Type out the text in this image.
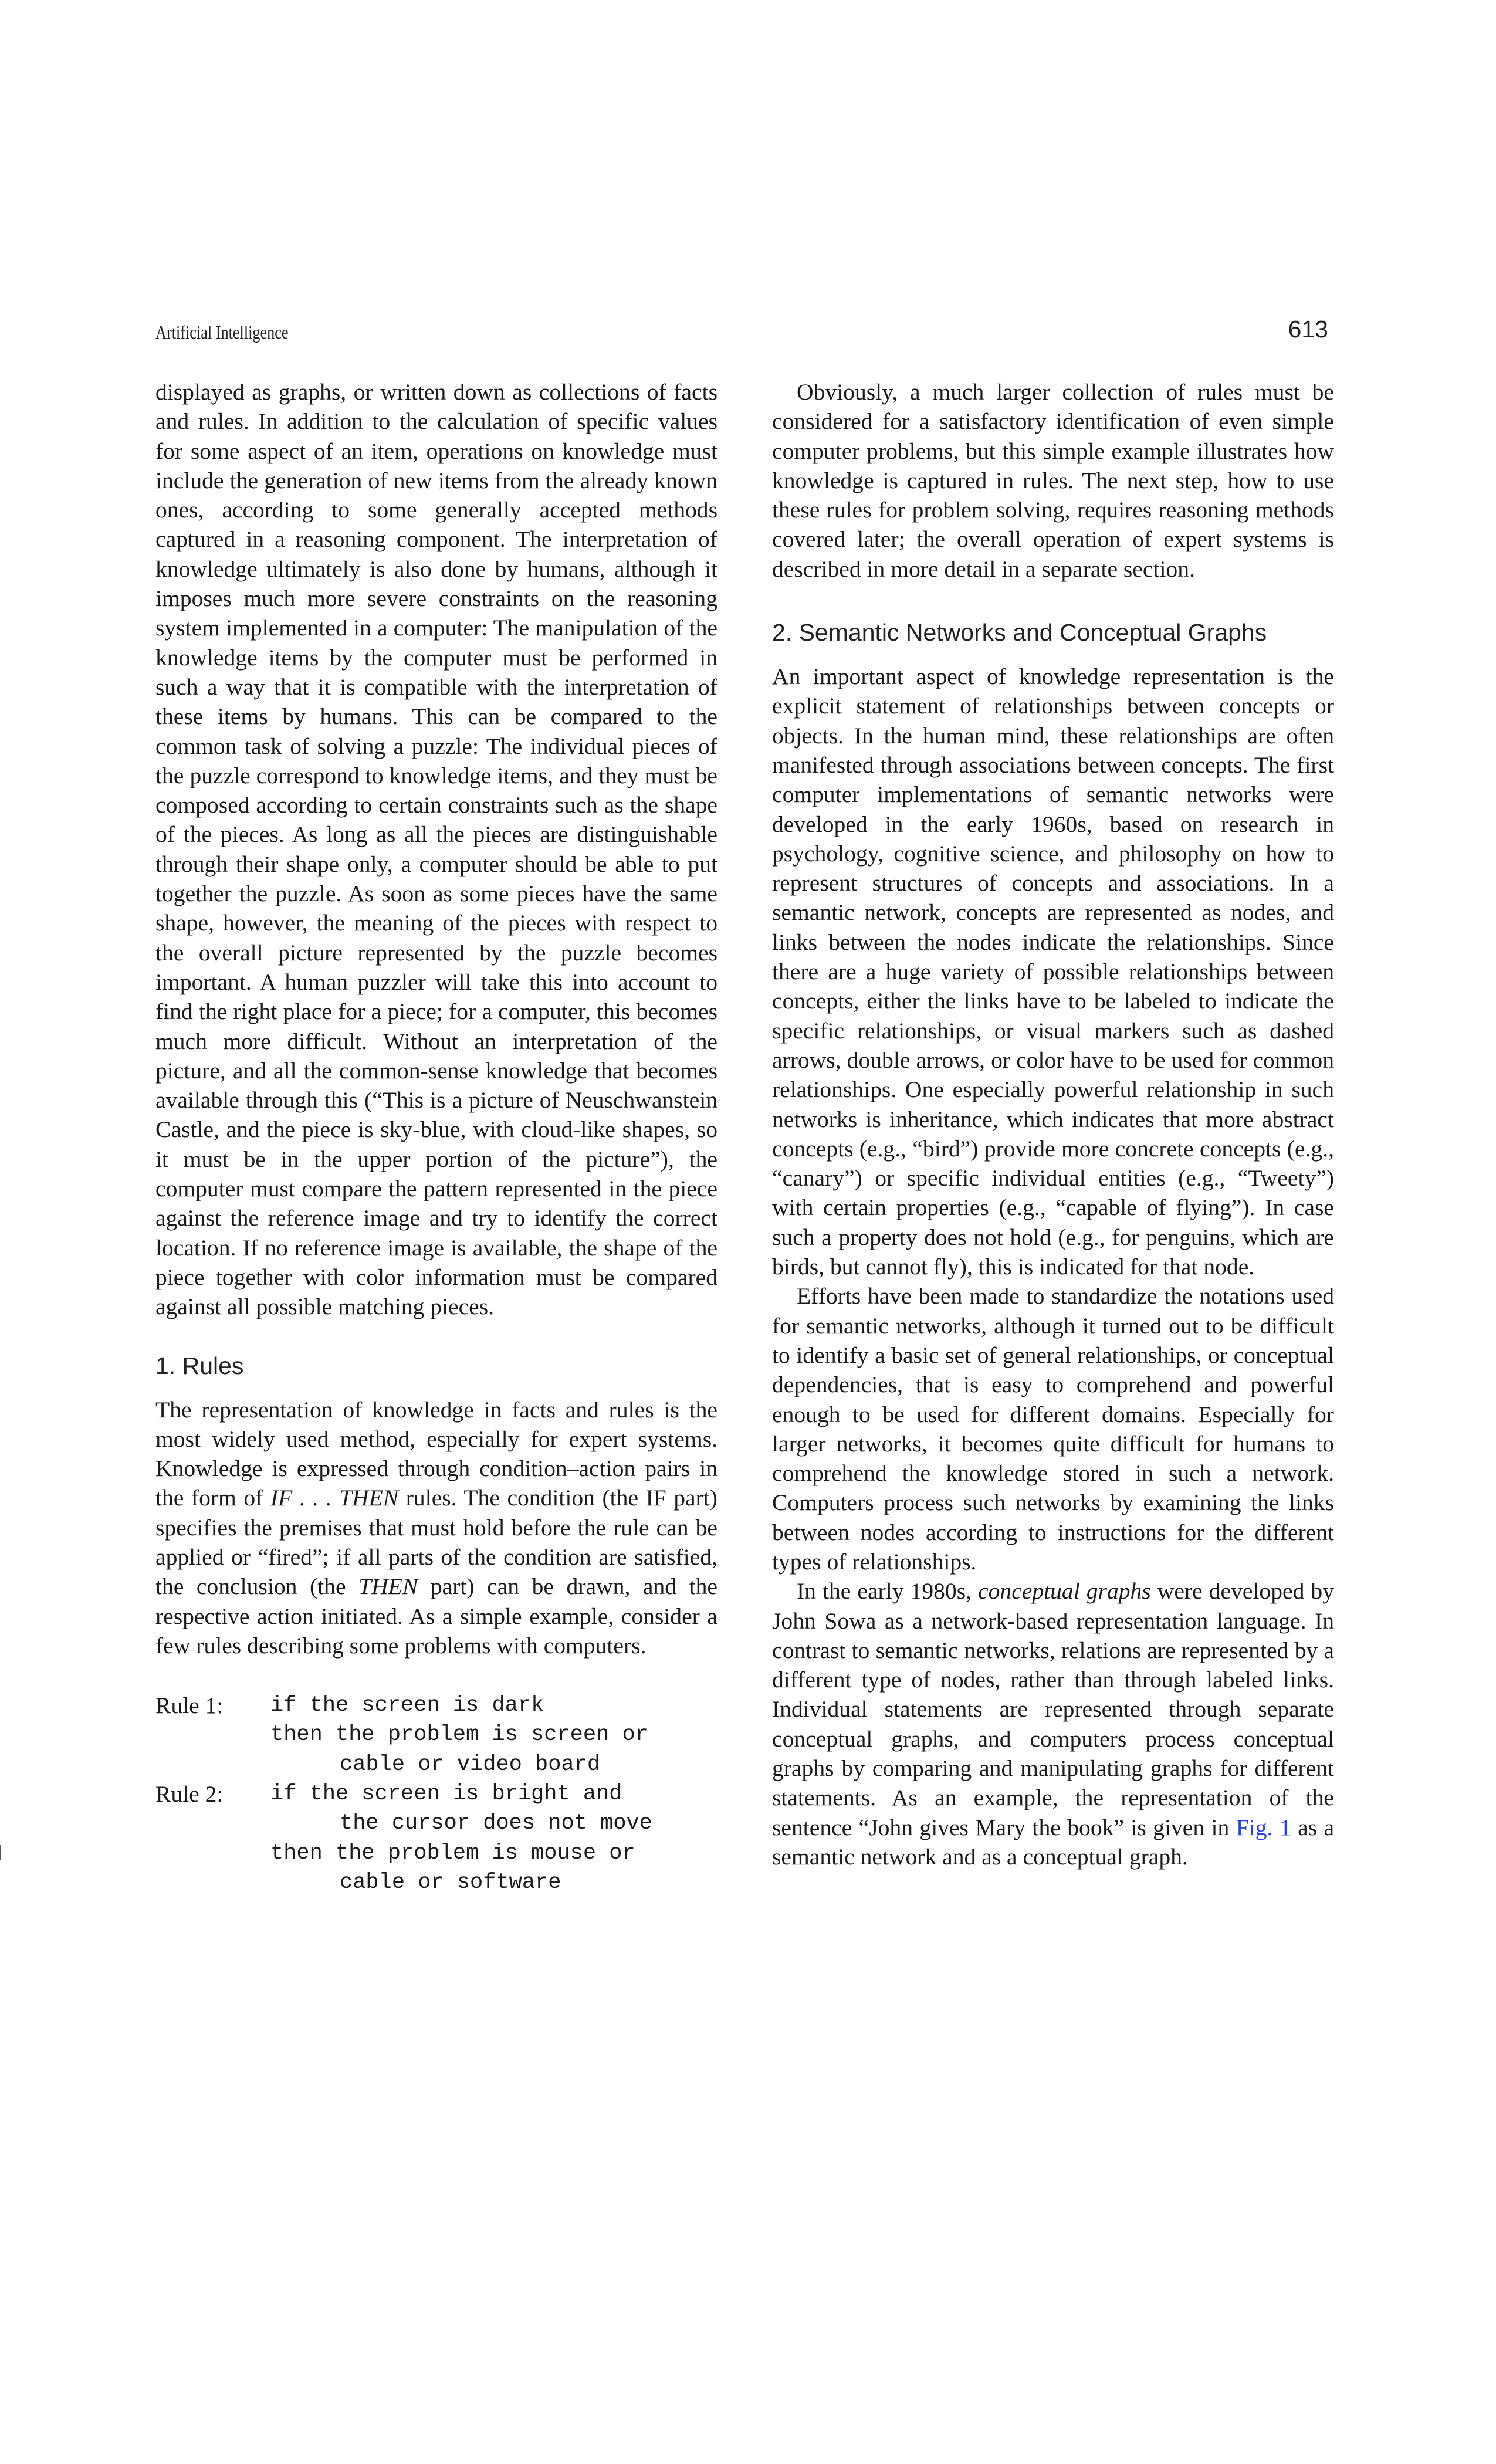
Artificial Intelligence	613

displayed as graphs, or written down as collections of facts and rules. In addition to the calculation of specific values for some aspect of an item, operations on knowledge must include the generation of new items from the already known ones, according to some generally accepted methods captured in a reasoning component. The interpretation of knowledge ultimately is also done by humans, although it imposes much more severe constraints on the reasoning system implemented in a computer: The manipulation of the knowledge items by the computer must be performed in such a way that it is compatible with the interpretation of these items by humans. This can be compared to the common task of solving a puzzle: The individual pieces of the puzzle correspond to knowledge items, and they must be composed according to certain constraints such as the shape of the pieces. As long as all the pieces are distinguishable through their shape only, a computer should be able to put together the puzzle. As soon as some pieces have the same shape, however, the meaning of the pieces with respect to the overall picture represented by the puzzle becomes important. A human puzzler will take this into account to find the right place for a piece; for a computer, this becomes much more difficult. Without an interpretation of the picture, and all the common-sense knowledge that becomes available through this (“This is a picture of Neuschwanstein Castle, and the piece is sky-blue, with cloud-like shapes, so it must be in the upper portion of the picture”), the computer must compare the pattern represented in the piece against the reference image and try to identify the correct location. If no reference image is available, the shape of the piece together with color information must be compared against all possible matching pieces.

1. Rules

The representation of knowledge in facts and rules is the most widely used method, especially for expert systems. Knowledge is expressed through condition–action pairs in the form of IF . . . THEN rules. The condition (the IF part) specifies the premises that must hold before the rule can be applied or “fired”; if all parts of the condition are satisfied, the conclusion (the THEN part) can be drawn, and the respective action initiated. As a simple example, consider a few rules describing some problems with computers.

Rule 1:	if the screen is dark
then the problem is screen or
cable or video board
Rule 2:	if the screen is bright and
the cursor does not move
then the problem is mouse or
cable or software

Obviously, a much larger collection of rules must be considered for a satisfactory identification of even simple computer problems, but this simple example illustrates how knowledge is captured in rules. The next step, how to use these rules for problem solving, requires reasoning methods covered later; the overall operation of expert systems is described in more detail in a separate section.

2. Semantic Networks and Conceptual Graphs

An important aspect of knowledge representation is the explicit statement of relationships between concepts or objects. In the human mind, these relationships are often manifested through associations between concepts. The first computer implementations of semantic networks were developed in the early 1960s, based on research in psychology, cognitive science, and philosophy on how to represent structures of concepts and associations. In a semantic network, concepts are represented as nodes, and links between the nodes indicate the relationships. Since there are a huge variety of possible relationships between concepts, either the links have to be labeled to indicate the specific relationships, or visual markers such as dashed arrows, double arrows, or color have to be used for common relationships. One especially powerful relationship in such networks is inheritance, which indicates that more abstract concepts (e.g., “bird”) provide more concrete concepts (e.g., “canary”) or specific individual entities (e.g., “Tweety”) with certain properties (e.g., “capable of flying”). In case such a property does not hold (e.g., for penguins, which are birds, but cannot fly), this is indicated for that node.

Efforts have been made to standardize the notations used for semantic networks, although it turned out to be difficult to identify a basic set of general relationships, or conceptual dependencies, that is easy to comprehend and powerful enough to be used for different domains. Especially for larger networks, it becomes quite difficult for humans to comprehend the knowledge stored in such a network. Computers process such networks by examining the links between nodes according to instructions for the different types of relationships.

In the early 1980s, conceptual graphs were developed by John Sowa as a network-based representation language. In contrast to semantic networks, relations are represented by a different type of nodes, rather than through labeled links. Individual statements are represented through separate conceptual graphs, and computers process conceptual graphs by comparing and manipulating graphs for different statements. As an example, the representation of the sentence “John gives Mary the book” is given in Fig. 1 as a semantic network and as a conceptual graph.
